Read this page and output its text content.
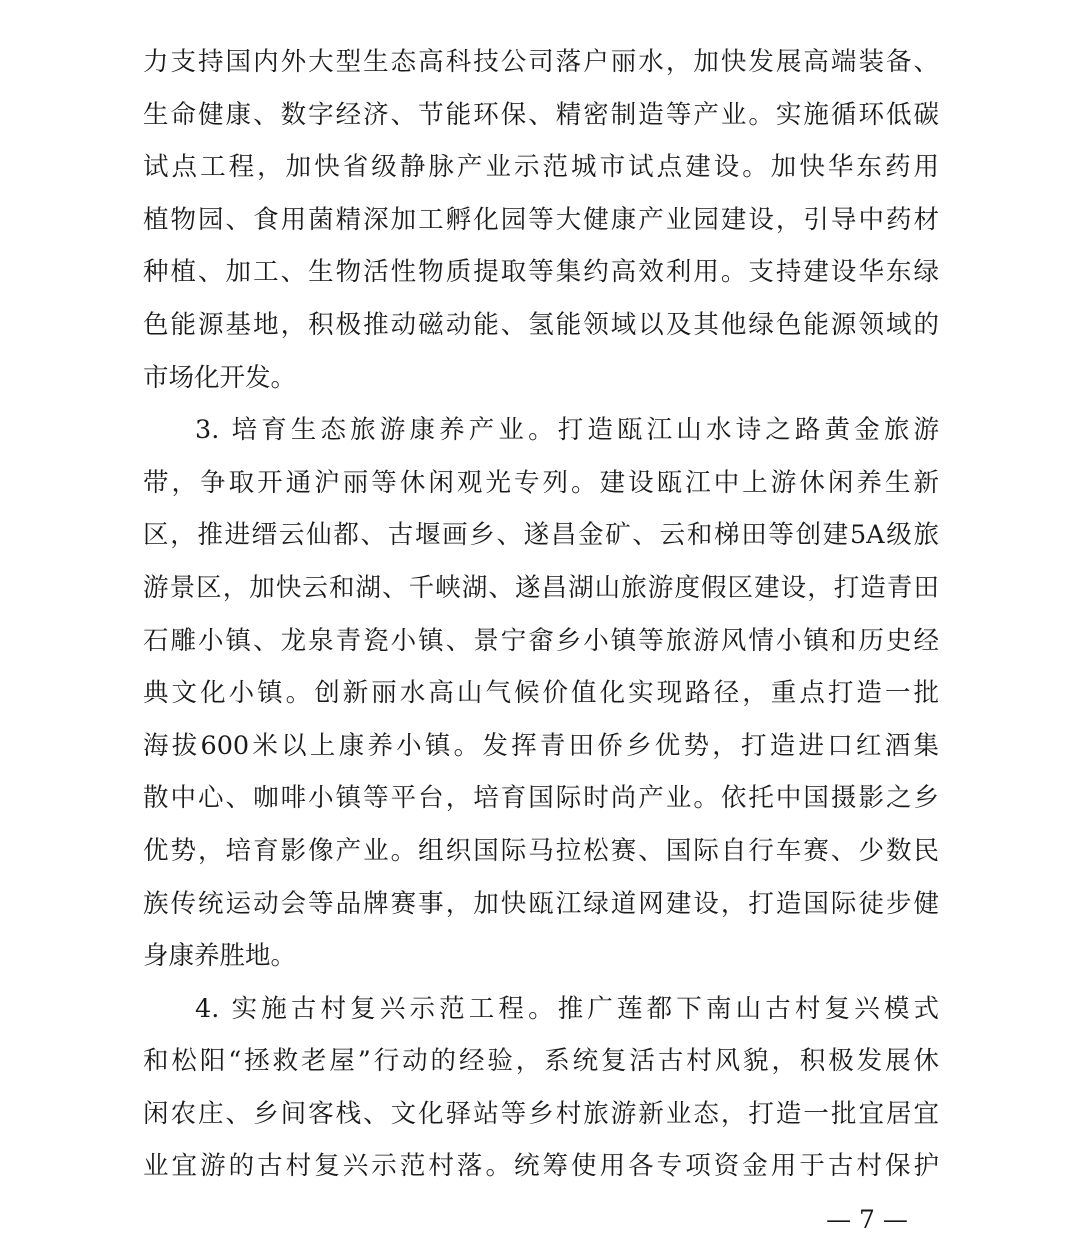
力支持国内外大型生态高科技公司落户丽水，加快发展高端装备、
生命健康、数字经济、节能环保、精密制造等产业。实施循环低碳
试点工程，加快省级静脉产业示范城市试点建设。加快华东药用
植物园、食用菌精深加工孵化园等大健康产业园建设，引导中药材
种植、加工、生物活性物质提取等集约高效利用。支持建设华东绿
色能源基地，积极推动磁动能、氢能领域以及其他绿色能源领域的
市场化开发。
3. 培育生态旅游康养产业。打造瓯江山水诗之路黄金旅游
带，争取开通沪丽等休闲观光专列。建设瓯江中上游休闲养生新
区，推进缙云仙都、古堰画乡、遂昌金矿、云和梯田等创建5A级旅
游景区，加快云和湖、千峡湖、遂昌湖山旅游度假区建设，打造青田
石雕小镇、龙泉青瓷小镇、景宁畲乡小镇等旅游风情小镇和历史经
典文化小镇。创新丽水高山气候价值化实现路径，重点打造一批
海拔600米以上康养小镇。发挥青田侨乡优势，打造进口红酒集
散中心、咖啡小镇等平台，培育国际时尚产业。依托中国摄影之乡
优势，培育影像产业。组织国际马拉松赛、国际自行车赛、少数民
族传统运动会等品牌赛事，加快瓯江绿道网建设，打造国际徒步健
身康养胜地。
4. 实施古村复兴示范工程。推广莲都下南山古村复兴模式
和松阳“拯救老屋”行动的经验，系统复活古村风貌，积极发展休
闲农庄、乡间客栈、文化驿站等乡村旅游新业态，打造一批宜居宜
业宜游的古村复兴示范村落。统筹使用各专项资金用于古村保护
— 7 —
